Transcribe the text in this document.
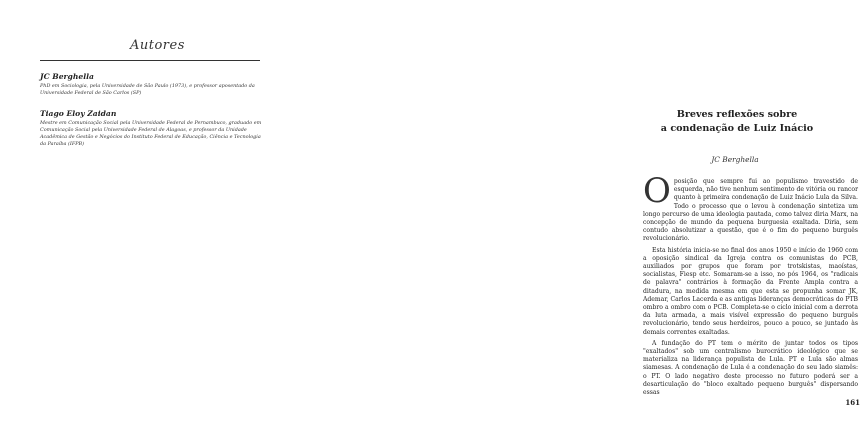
Autores
JC Berghella

PhD em Sociologia, pela Universidade de São Paulo (1973), e professor aposentado da Universidade Federal de São Carlos (SP)

Tiago Eloy Zaidan

Mestre em Comunicação Social pela Universidade Federal de Pernambuco, graduado em Comunicação Social pela Universidade Federal de Alagoas, e professor da Unidade Acadêmica de Gestão e Negócios do Instituto Federal de Educação, Ciência e Tecnologia da Paraíba (IFPB)

Breves reflexões sobre
a condenação de Luiz Inácio
JC Berghella

O posição que sempre fui ao populismo travestido de esquerda, não tive nenhum sentimento de vitória ou rancor quanto à primeira condenação de Luiz Inácio Lula da Silva. Todo o processo que o levou à condenação sintetiza um longo percurso de uma ideologia pautada, como talvez diria Marx, na concepção de mundo da pequena burguesia exaltada. Diria, sem contudo absolutizar a questão, que é o fim do pequeno burguês revolucionário.

Esta história inicia-se no final dos anos 1950 e início de 1960 com a oposição sindical da Igreja contra os comunistas do PCB, auxiliados por grupos que foram por trotskistas, maoístas, socialistas, Fiesp etc. Somaram-se a isso, no pós 1964, os "radicais de palavra" contrários à formação da Frente Ampla contra a ditadura, na medida mesma em que esta se propunha somar JK, Ademar, Carlos Lacerda e as antigas lideranças democráticas do PTB ombro a ombro com o PCB. Completa-se o ciclo inicial com a derrota da luta armada, a mais visível expressão do pequeno burguês revolucionário, tendo seus herdeiros, pouco a pouco, se juntado às demais correntes exaltadas.

A fundação do PT tem o mérito de juntar todos os tipos "exaltados" sob um centralismo burocrático ideológico que se materializa na liderança populista de Lula. PT e Lula são almas siamesas. A condenação de Lula é a condenação do seu lado siamês: o PT. O lado negativo deste processo no futuro poderá ser a desarticulação do "bloco exaltado pequeno burguês" dispersando essas

161
